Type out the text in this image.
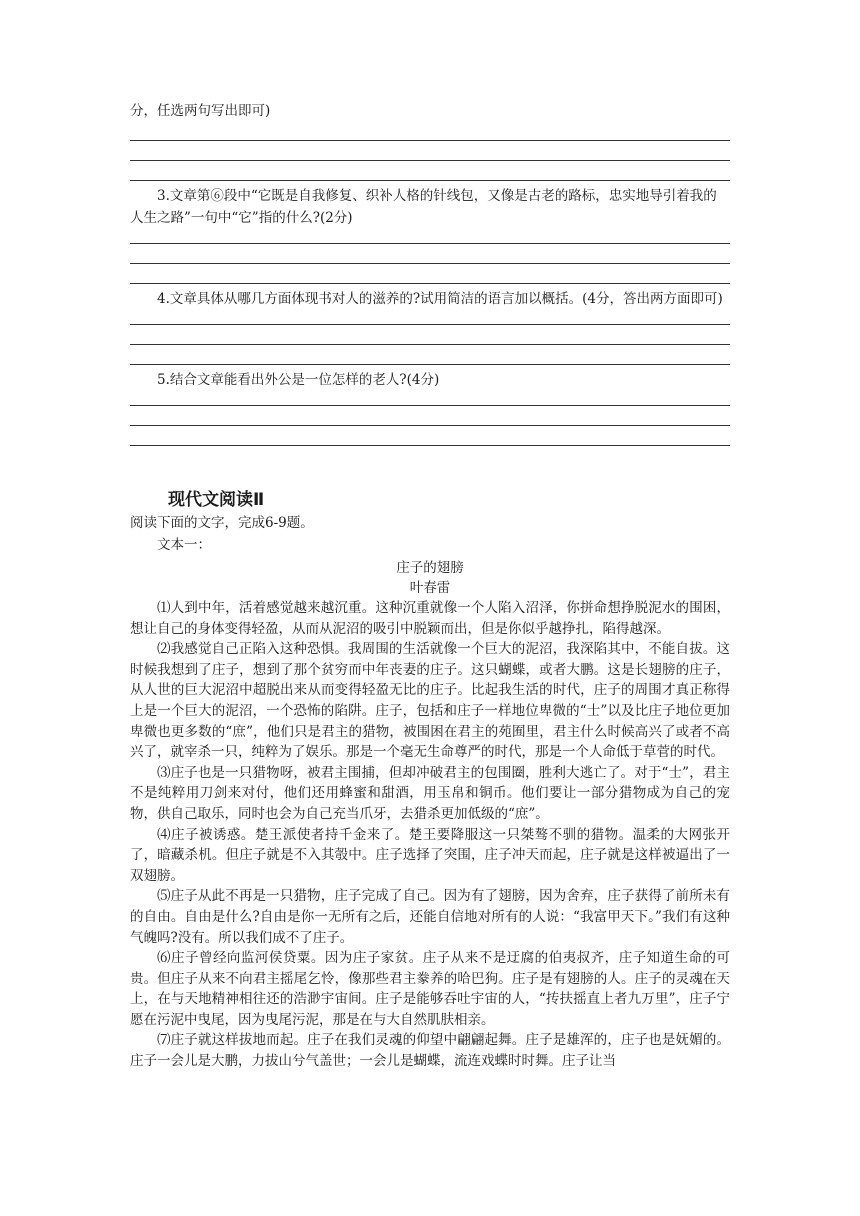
分，任选两句写出即可)
3.文章第⑥段中“它既是自我修复、织补人格的针线包，又像是古老的路标，忠实地导引着我的人生之路”一句中“它”指的什么?(2分)
4.文章具体从哪几方面体现书对人的滋养的?试用简洁的语言加以概括。(4分，答出两方面即可)
5.结合文章能看出外公是一位怎样的老人?(4分)
现代文阅读Ⅱ
阅读下面的文字，完成6-9题。
文本一：
庄子的翅膀
叶春雷

⑴人到中年，活着感觉越来越沉重。这种沉重就像一个人陷入沼泽，你拼命想挣脱泥水的围困，想让自己的身体变得轻盈，从而从泥沼的吸引中脱颖而出，但是你似乎越挣扎，陷得越深。

⑵我感觉自己正陷入这种恐惧。我周围的生活就像一个巨大的泥沼，我深陷其中，不能自拔。这时候我想到了庄子，想到了那个贫穷而中年丧妻的庄子。这只蝴蝶，或者大鹏。这是长翅膀的庄子，从人世的巨大泥沼中超脱出来从而变得轻盈无比的庄子。比起我生活的时代，庄子的周围才真正称得上是一个巨大的泥沼，一个恐怖的陷阱。庄子，包括和庄子一样地位卑微的“士”以及比庄子地位更加卑微也更多数的“庶”，他们只是君主的猎物，被围困在君主的苑囿里，君主什么时候高兴了或者不高兴了，就宰杀一只，纯粹为了娱乐。那是一个毫无生命尊严的时代，那是一个人命低于草菅的时代。

⑶庄子也是一只猎物呀，被君主围捕，但却冲破君主的包围圈，胜利大逃亡了。对于“士”，君主不是纯粹用刀剑来对付，他们还用蜂蜜和甜酒，用玉帛和铜币。他们要让一部分猎物成为自己的宠物，供自己取乐，同时也会为自己充当爪牙，去猎杀更加低级的“庶”。

⑷庄子被诱惑。楚王派使者持千金来了。楚王要降服这一只桀骜不驯的猎物。温柔的大网张开了，暗藏杀机。但庄子就是不入其彀中。庄子选择了突围，庄子冲天而起，庄子就是这样被逼出了一双翅膀。

⑸庄子从此不再是一只猎物，庄子完成了自己。因为有了翅膀，因为舍弃，庄子获得了前所未有的自由。自由是什么?自由是你一无所有之后，还能自信地对所有的人说：“我富甲天下。”我们有这种气魄吗?没有。所以我们成不了庄子。

⑹庄子曾经向监河侯贷粟。因为庄子家贫。庄子从来不是迂腐的伯夷叔齐，庄子知道生命的可贵。但庄子从来不向君主摇尾乞怜，像那些君主豢养的哈巴狗。庄子是有翅膀的人。庄子的灵魂在天上，在与天地精神相往还的浩渺宇宙间。庄子是能够吞吐宇宙的人，“抟扶摇直上者九万里”，庄子宁愿在污泥中曳尾，因为曳尾污泥，那是在与大自然肌肤相亲。

⑺庄子就这样拔地而起。庄子在我们灵魂的仰望中翩翩起舞。庄子是雄浑的，庄子也是妩媚的。庄子一会儿是大鹏，力拔山兮气盖世；一会儿是蝴蝶，流连戏蝶时时舞。庄子让当
